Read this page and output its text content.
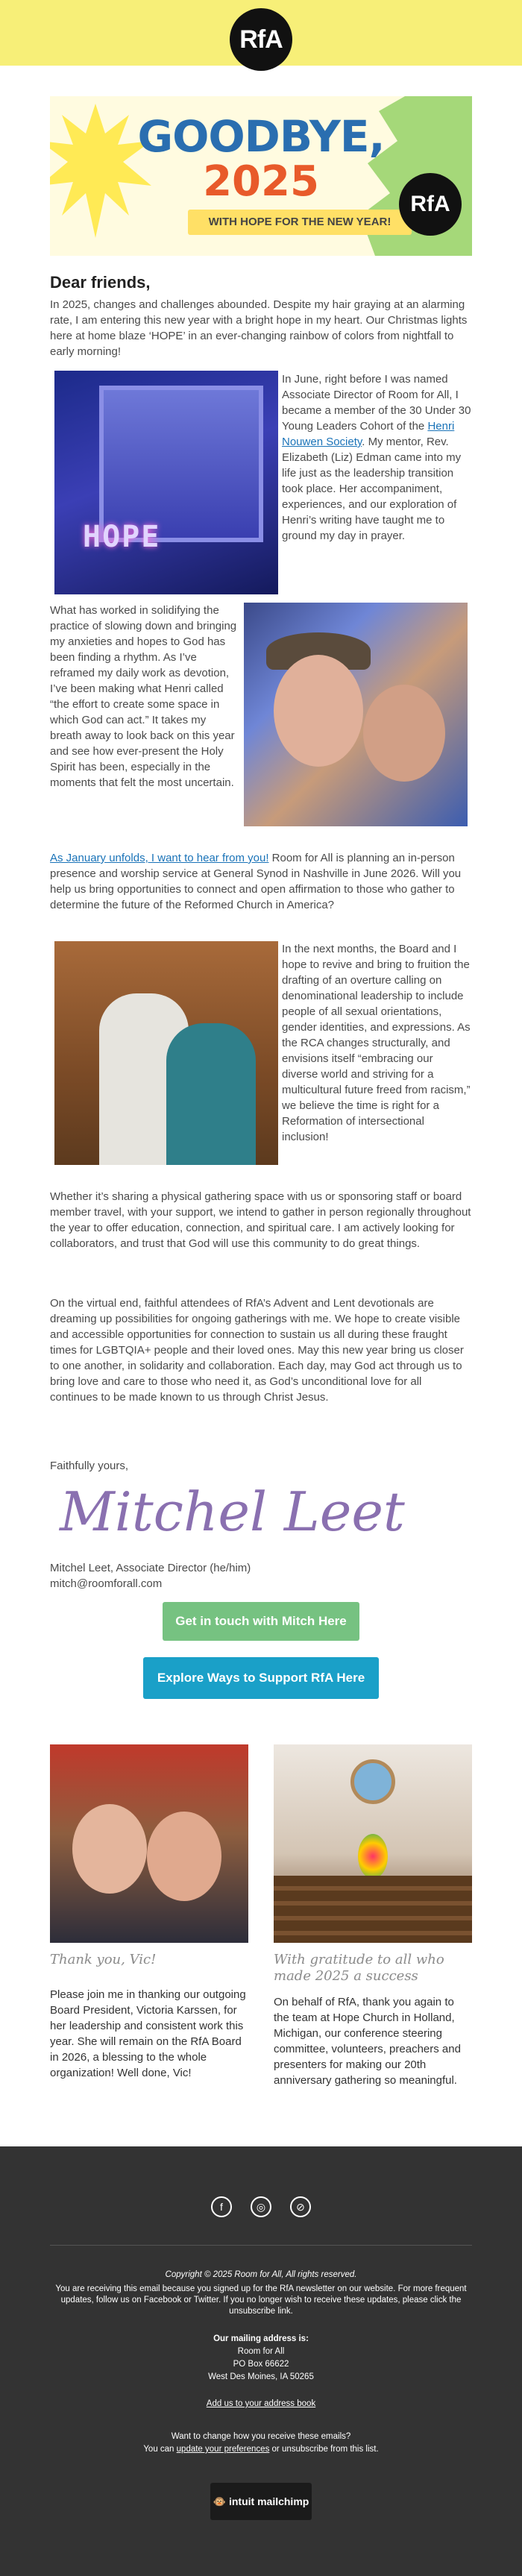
RfA
GOODBYE,
2025
WITH HOPE FOR THE NEW YEAR!
RfA
Dear friends,

In 2025, changes and challenges abounded. Despite my hair graying at an alarming rate, I am entering this new year with a bright hope in my heart. Our Christmas lights here at home blaze ‘HOPE’ in an ever-changing rainbow of colors from nightfall to early morning!

HOPE

In June, right before I was named Associate Director of Room for All, I became a member of the 30 Under 30 Young Leaders Cohort of the Henri Nouwen Society. My mentor, Rev. Elizabeth (Liz) Edman came into my life just as the leadership transition took place. Her accompaniment, experiences, and our exploration of Henri’s writing have taught me to ground my day in prayer.

What has worked in solidifying the practice of slowing down and bringing my anxieties and hopes to God has been finding a rhythm. As I’ve reframed my daily work as devotion, I’ve been making what Henri called “the effort to create some space in which God can act.” It takes my breath away to look back on this year and see how ever-present the Holy Spirit has been, especially in the moments that felt the most uncertain.

As January unfolds, I want to hear from you! Room for All is planning an in-person presence and worship service at General Synod in Nashville in June 2026. Will you help us bring opportunities to connect and open affirmation to those who gather to determine the future of the Reformed Church in America?

In the next months, the Board and I hope to revive and bring to fruition the drafting of an overture calling on denominational leadership to include people of all sexual orientations, gender identities, and expressions. As the RCA changes structurally, and envisions itself “embracing our diverse world and striving for a multicultural future freed from racism,” we believe the time is right for a Reformation of intersectional inclusion!

Whether it’s sharing a physical gathering space with us or sponsoring staff or board member travel, with your support, we intend to gather in person regionally throughout the year to offer education, connection, and spiritual care. I am actively looking for collaborators, and trust that God will use this community to do great things.

On the virtual end, faithful attendees of RfA’s Advent and Lent devotionals are dreaming up possibilities for ongoing gatherings with me. We hope to create visible and accessible opportunities for connection to sustain us all during these fraught times for LGBTQIA+ people and their loved ones. May this new year bring us closer to one another, in solidarity and collaboration. Each day, may God act through us to bring love and care to those who need it, as God’s unconditional love for all continues to be made known to us through Christ Jesus.

Faithfully yours,

Mitchel Leet

Mitchel Leet, Associate Director (he/him)

mitch@roomforall.com

Get in touch with Mitch Here
Explore Ways to Support RfA Here
Thank you, Vic!	With gratitude to all who made 2025 a success
Please join me in thanking our outgoing Board President, Victoria Karssen, for her leadership and consistent work this year. She will remain on the RfA Board in 2026, a blessing to the whole organization! Well done, Vic!
On behalf of RfA, thank you again to the team at Hope Church in Holland, Michigan, our conference steering committee, volunteers, preachers and presenters for making our 20th anniversary gathering so meaningful.
f	◎	⊘
Copyright © 2025 Room for All, All rights reserved.
You are receiving this email because you signed up for the RfA newsletter on our website. For more frequent updates, follow us on Facebook or Twitter. If you no longer wish to receive these updates, please click the unsubscribe link.
Our mailing address is:
Room for All
PO Box 66622
West Des Moines, IA 50265
Add us to your address book
Want to change how you receive these emails?
You can update your preferences or unsubscribe from this list.
🐵 intuit mailchimp
